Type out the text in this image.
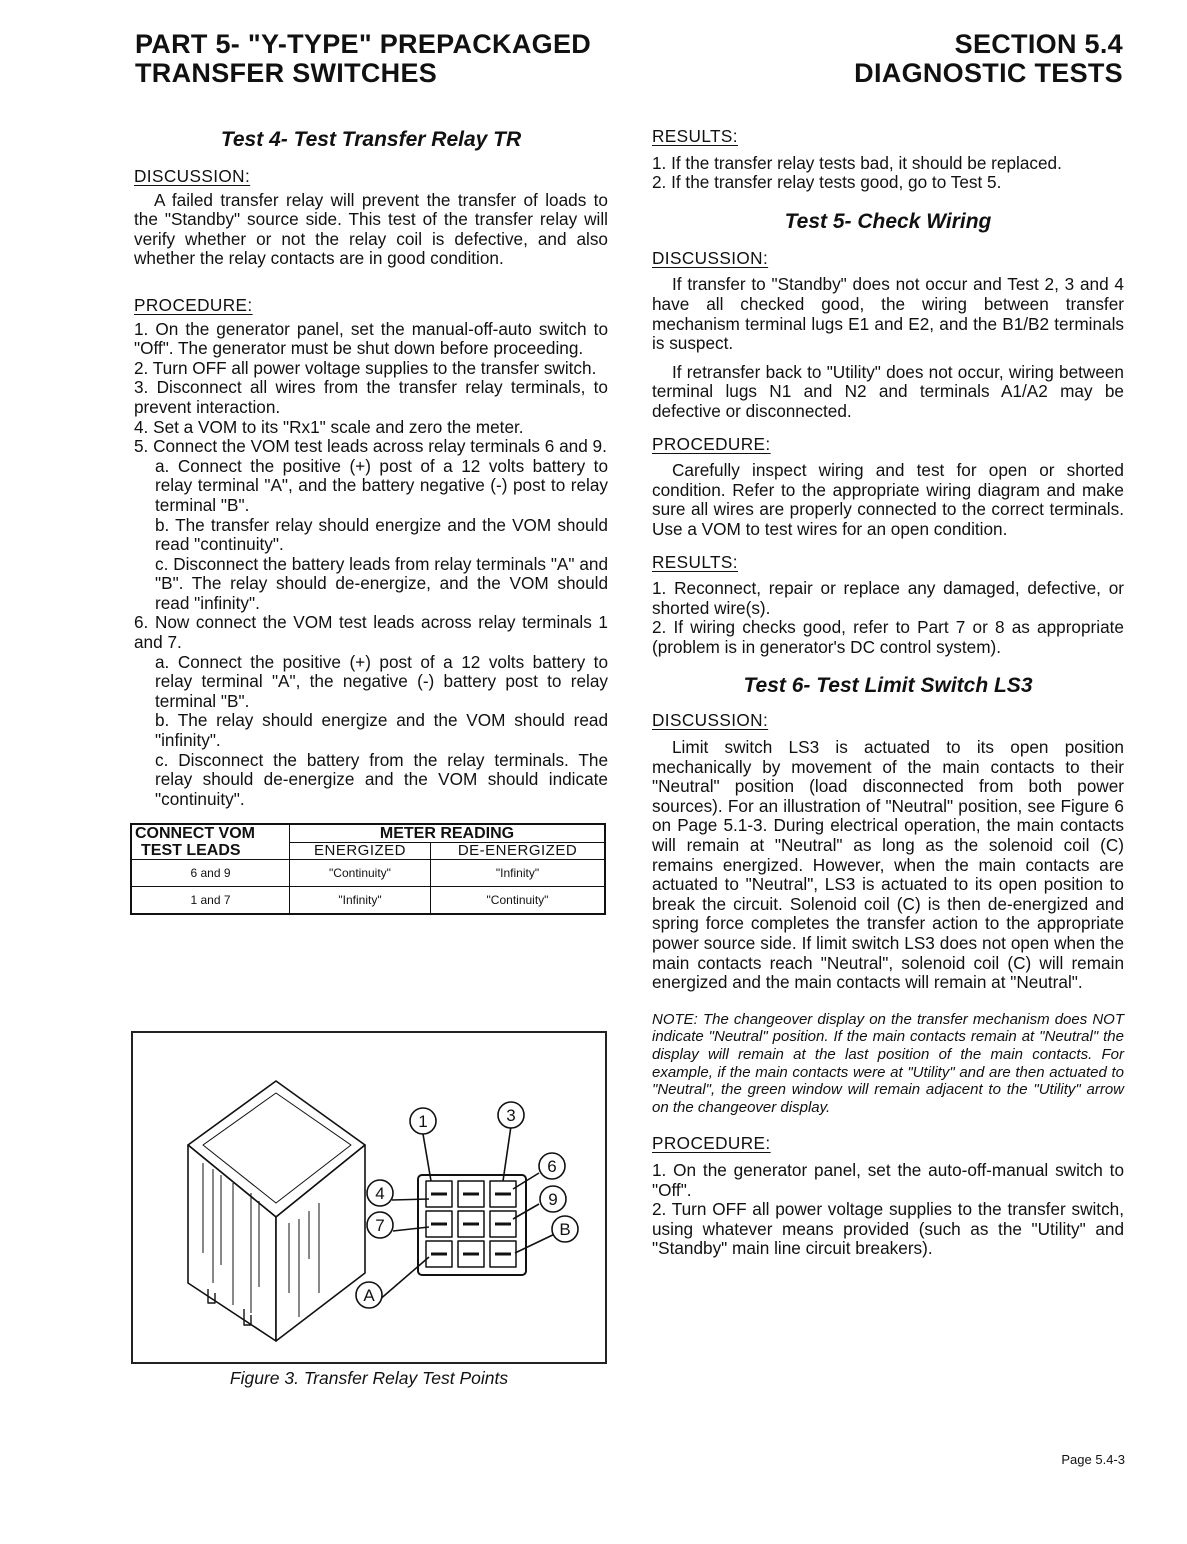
PART 5- "Y-TYPE" PREPACKAGED
TRANSFER SWITCHES
SECTION 5.4
DIAGNOSTIC TESTS
Test 4- Test Transfer Relay TR
DISCUSSION:

A failed transfer relay will prevent the transfer of loads to the "Standby" source side. This test of the transfer relay will verify whether or not the relay coil is defective, and also whether the relay contacts are in good condition.

PROCEDURE:

1. On the generator panel, set the manual-off-auto switch to "Off". The generator must be shut down before proceeding.

2. Turn OFF all power voltage supplies to the transfer switch.

3. Disconnect all wires from the transfer relay terminals, to prevent interaction.

4. Set a VOM to its "Rx1" scale and zero the meter.

5. Connect the VOM test leads across relay terminals 6 and 9.

a. Connect the positive (+) post of a 12 volts battery to relay terminal "A", and the battery negative (-) post to relay terminal "B".

b. The transfer relay should energize and the VOM should read "continuity".

c. Disconnect the battery leads from relay terminals "A" and "B". The relay should de-energize, and the VOM should read "infinity".

6. Now connect the VOM test leads across relay terminals 1 and 7.

a. Connect the positive (+) post of a 12 volts battery to relay terminal "A", the negative (-) battery post to relay terminal "B".

b. The relay should energize and the VOM should read "infinity".

c. Disconnect the battery from the relay terminals. The relay should de-energize and the VOM should indicate "continuity".

CONNECT VOM
TEST LEADS	METER READING	
	ENERGIZED	DE-ENERGIZED
6 and 9	"Continuity"	"Infinity"
1 and 7	"Infinity"	"Continuity"
1	3
6
4	9
7	B
A
Figure 3. Transfer Relay Test Points
RESULTS:

1. If the transfer relay tests bad, it should be replaced.

2. If the transfer relay tests good, go to Test 5.

Test 5- Check Wiring
DISCUSSION:

If transfer to "Standby" does not occur and Test 2, 3 and 4 have all checked good, the wiring between transfer mechanism terminal lugs E1 and E2, and the B1/B2 terminals is suspect.

If retransfer back to "Utility" does not occur, wiring between terminal lugs N1 and N2 and terminals A1/A2 may be defective or disconnected.

PROCEDURE:

Carefully inspect wiring and test for open or shorted condition. Refer to the appropriate wiring diagram and make sure all wires are properly connected to the correct terminals. Use a VOM to test wires for an open condition.

RESULTS:

1. Reconnect, repair or replace any damaged, defective, or shorted wire(s).

2. If wiring checks good, refer to Part 7 or 8 as appropriate (problem is in generator's DC control system).

Test 6- Test Limit Switch LS3
DISCUSSION:

Limit switch LS3 is actuated to its open position mechanically by movement of the main contacts to their "Neutral" position (load disconnected from both power sources). For an illustration of "Neutral" position, see Figure 6 on Page 5.1-3. During electrical operation, the main contacts will remain at "Neutral" as long as the solenoid coil (C) remains energized. However, when the main contacts are actuated to "Neutral", LS3 is actuated to its open position to break the circuit. Solenoid coil (C) is then de-energized and spring force completes the transfer action to the appropriate power source side. If limit switch LS3 does not open when the main contacts reach "Neutral", solenoid coil (C) will remain energized and the main contacts will remain at "Neutral".

NOTE: The changeover display on the transfer mechanism does NOT indicate "Neutral" position. If the main contacts remain at "Neutral" the display will remain at the last position of the main contacts. For example, if the main contacts were at "Utility" and are then actuated to "Neutral", the green window will remain adjacent to the "Utility" arrow on the changeover display.

PROCEDURE:

1. On the generator panel, set the auto-off-manual switch to "Off".

2. Turn OFF all power voltage supplies to the transfer switch, using whatever means provided (such as the "Utility" and "Standby" main line circuit breakers).

Page 5.4-3
